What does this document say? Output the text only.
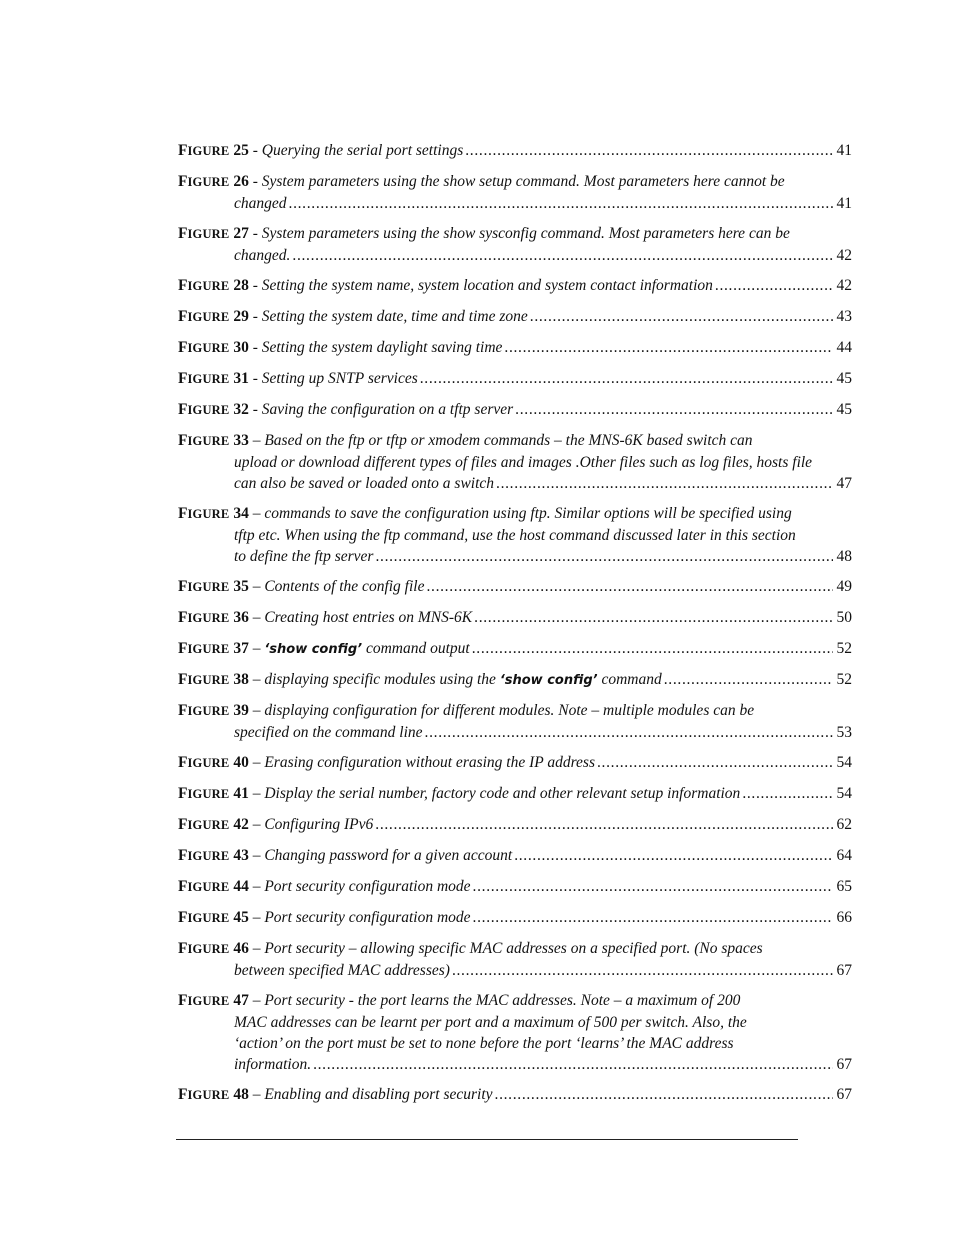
FIGURE 25 - Querying the serial port settings . . .	41
FIGURE 26 - System parameters using the show setup command. Most parameters here cannot be
changed . . .	41
FIGURE 27 - System parameters using the show sysconfig command. Most parameters here can be
changed. . . .	42
FIGURE 28 - Setting the system name, system location and system contact information . . .	42
FIGURE 29 - Setting the system date, time and time zone . . .	43
FIGURE 30 - Setting the system daylight saving time . . .	44
FIGURE 31 - Setting up SNTP services . . .	45
FIGURE 32 - Saving the configuration on a tftp server . . .	45
FIGURE 33 – Based on the ftp or tftp or xmodem commands – the MNS-6K based switch can
upload or download different types of files and images .Other files such as log files, hosts file
can also be saved or loaded onto a switch . . .	47
FIGURE 34 – commands to save the configuration using ftp. Similar options will be specified using
tftp etc. When using the ftp command, use the host command discussed later in this section
to define the ftp server . . .	48
FIGURE 35 – Contents of the config file . . .	49
FIGURE 36 – Creating host entries on MNS-6K . . .	50
FIGURE 37 – ‘show config’ command output . . .	52
FIGURE 38 – displaying specific modules using the ‘show config’ command . . .	52
FIGURE 39 – displaying configuration for different modules. Note – multiple modules can be
specified on the command line . . .	53
FIGURE 40 – Erasing configuration without erasing the IP address . . .	54
FIGURE 41 – Display the serial number, factory code and other relevant setup information . . .	54
FIGURE 42 – Configuring IPv6 . . .	62
FIGURE 43 – Changing password for a given account . . .	64
FIGURE 44 – Port security configuration mode . . .	65
FIGURE 45 – Port security configuration mode . . .	66
FIGURE 46 – Port security – allowing specific MAC addresses on a specified port. (No spaces
between specified MAC addresses) . . .	67
FIGURE 47 – Port security - the port learns the MAC addresses. Note – a maximum of 200
MAC addresses can be learnt per port and a maximum of 500 per switch. Also, the
‘action’ on the port must be set to none before the port ‘learns’ the MAC address
information. . . .	67
FIGURE 48 – Enabling and disabling port security . . .	67
